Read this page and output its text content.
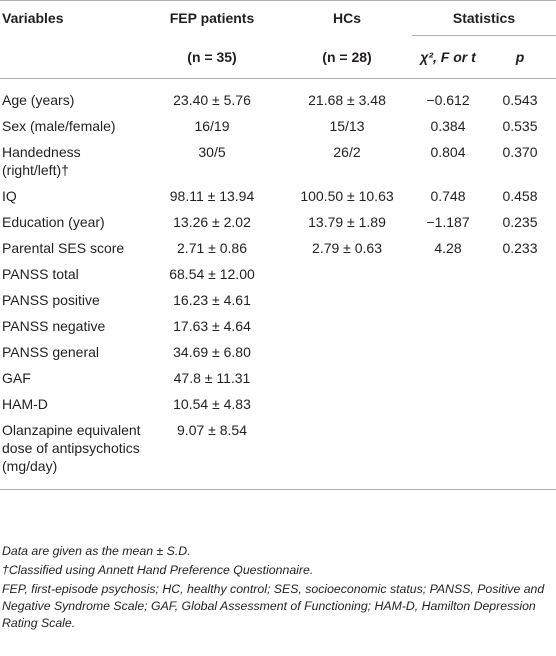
Variables	FEP patients	HCs	Statistics	
	(n = 35)	(n = 28)	χ², F or t	p
Age (years)	23.40 ± 5.76	21.68 ± 3.48	−0.612	0.543
Sex (male/female)	16/19	15/13	0.384	0.535
Handedness (right/left)†	30/5	26/2	0.804	0.370
IQ	98.11 ± 13.94	100.50 ± 10.63	0.748	0.458
Education (year)	13.26 ± 2.02	13.79 ± 1.89	−1.187	0.235
Parental SES score	2.71 ± 0.86	2.79 ± 0.63	4.28	0.233
PANSS total	68.54 ± 12.00			
PANSS positive	16.23 ± 4.61			
PANSS negative	17.63 ± 4.64			
PANSS general	34.69 ± 6.80			
GAF	47.8 ± 11.31			
HAM-D	10.54 ± 4.83			
Olanzapine equivalent dose of antipsychotics (mg/day)	9.07 ± 8.54			
Data are given as the mean ± S.D.
†Classified using Annett Hand Preference Questionnaire.
FEP, first-episode psychosis; HC, healthy control; SES, socioeconomic status; PANSS, Positive and Negative Syndrome Scale; GAF, Global Assessment of Functioning; HAM-D, Hamilton Depression Rating Scale.
